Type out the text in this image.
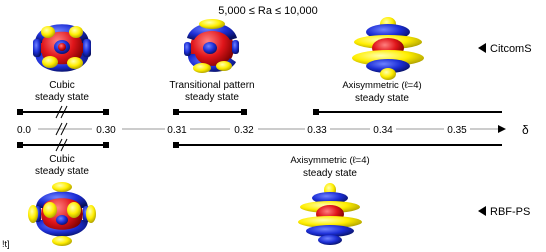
5,000 ≤ Ra ≤ 10,000
Cubic
steady state
Transitional pattern
steady state
Axisymmetric (ℓ=4)
steady state
CitcomS
0.0	0.30	0.31	0.32	0.33	0.34	0.35	δ
Cubic
steady state
Axisymmetric (ℓ=4)
steady state
RBF-PS
!t]
